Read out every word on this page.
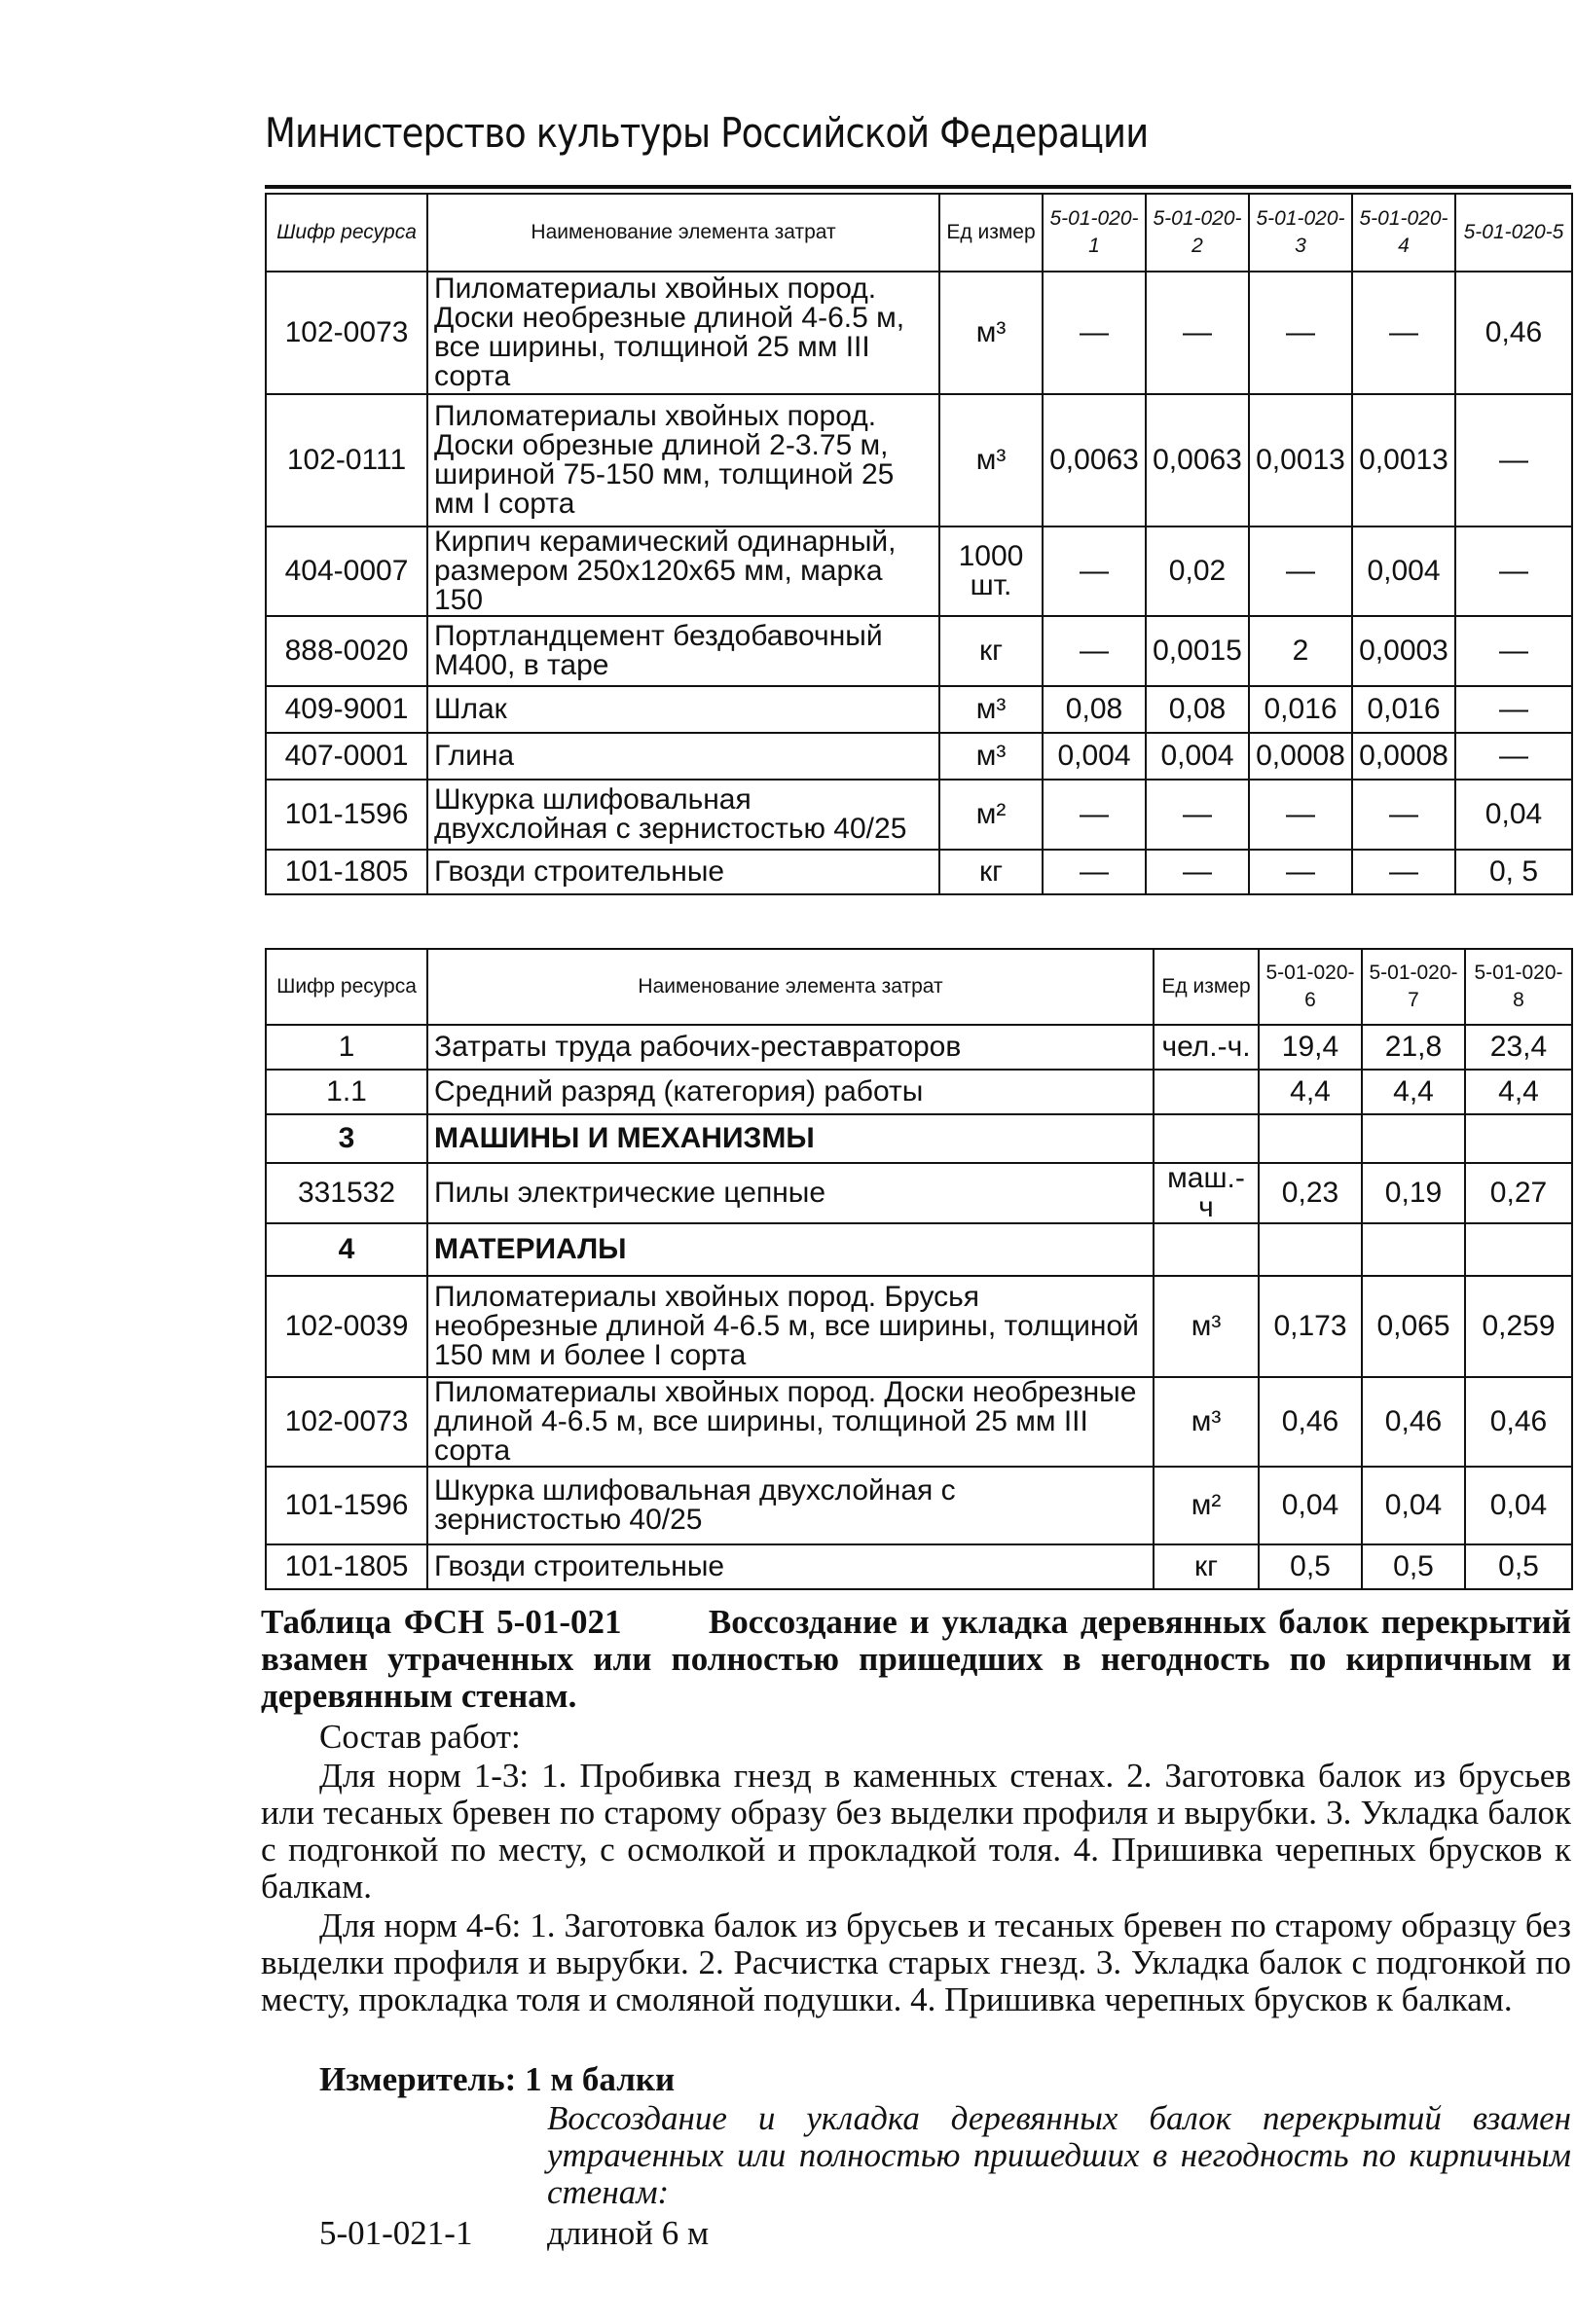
Министерство культуры Российской Федерации
Шифр ресурса	Наименование элемента затрат	Ед измер	5-01-020-1	5-01-020-2	5-01-020-3	5-01-020-4	5-01-020-5
102-0073	Пиломатериалы хвойных пород. Доски необрезные длиной 4-6.5 м, все ширины, толщиной 25 мм III сорта	м³	—	—	—	—	0,46
102-0111	Пиломатериалы хвойных пород. Доски обрезные длиной 2-3.75 м, шириной 75-150 мм, толщиной 25 мм I сорта	м³	0,0063	0,0063	0,0013	0,0013	—
404-0007	Кирпич керамический одинарный, размером 250х120х65 мм, марка 150	1000 шт.	—	0,02	—	0,004	—
888-0020	Портландцемент бездобавочный М400, в таре	кг	—	0,0015	2	0,0003	—
409-9001	Шлак	м³	0,08	0,08	0,016	0,016	—
407-0001	Глина	м³	0,004	0,004	0,0008	0,0008	—
101-1596	Шкурка шлифовальная двухслойная с зернистостью 40/25	м²	—	—	—	—	0,04
101-1805	Гвозди строительные	кг	—	—	—	—	0, 5
Шифр ресурса	Наименование элемента затрат	Ед измер	5-01-020-6	5-01-020-7	5-01-020-8
1	Затраты труда рабочих-реставраторов	чел.-ч.	19,4	21,8	23,4
1.1	Средний разряд (категория) работы		4,4	4,4	4,4
3	МАШИНЫ И МЕХАНИЗМЫ				
331532	Пилы электрические цепные	маш.-ч	0,23	0,19	0,27
4	МАТЕРИАЛЫ				
102-0039	Пиломатериалы хвойных пород. Брусья необрезные длиной 4-6.5 м, все ширины, толщиной 150 мм и более I сорта	м³	0,173	0,065	0,259
102-0073	Пиломатериалы хвойных пород. Доски необрезные длиной 4-6.5 м, все ширины, толщиной 25 мм III сорта	м³	0,46	0,46	0,46
101-1596	Шкурка шлифовальная двухслойная с зернистостью 40/25	м²	0,04	0,04	0,04
101-1805	Гвозди строительные	кг	0,5	0,5	0,5
Таблица ФСН 5-01-021	Воссоздание и укладка деревянных балок перекрытий взамен утраченных или полностью пришедших в негодность по кирпичным и деревянным стенам.
Состав работ:
Для норм 1-3: 1. Пробивка гнезд в каменных стенах. 2. Заготовка балок из брусьев или тесаных бревен по старому образу без выделки профиля и вырубки. 3. Укладка балок с подгонкой по месту, с осмолкой и прокладкой толя. 4. Пришивка черепных брусков к балкам.
Для норм 4-6: 1. Заготовка балок из брусьев и тесаных бревен по старому образцу без выделки профиля и вырубки. 2. Расчистка старых гнезд. 3. Укладка балок с подгонкой по месту, прокладка толя и смоляной подушки. 4. Пришивка черепных брусков к балкам.
Измеритель: 1 м балки
Воссоздание и укладка деревянных балок перекрытий взамен утраченных или полностью пришедших в негодность по кирпичным стенам:
5-01-021-1 длиной 6 м
